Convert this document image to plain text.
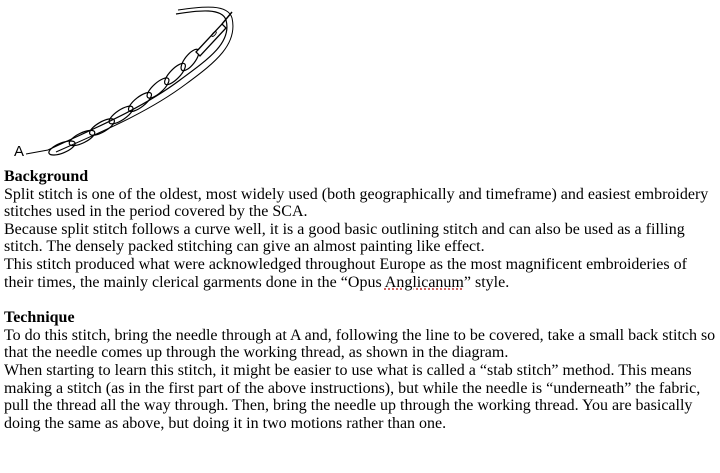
A

Background

Split stitch is one of the oldest, most widely used (both geographically and timeframe) and easiest embroidery stitches used in the period covered by the SCA.

Because split stitch follows a curve well, it is a good basic outlining stitch and can also be used as a filling stitch. The densely packed stitching can give an almost painting like effect.

This stitch produced what were acknowledged throughout Europe as the most magnificent embroideries of their times, the mainly clerical garments done in the “Opus Anglicanum” style.

Technique

To do this stitch, bring the needle through at A and, following the line to be covered, take a small back stitch so that the needle comes up through the working thread, as shown in the diagram.

When starting to learn this stitch, it might be easier to use what is called a “stab stitch” method. This means making a stitch (as in the first part of the above instructions), but while the needle is “underneath” the fabric, pull the thread all the way through. Then, bring the needle up through the working thread. You are basically doing the same as above, but doing it in two motions rather than one.
